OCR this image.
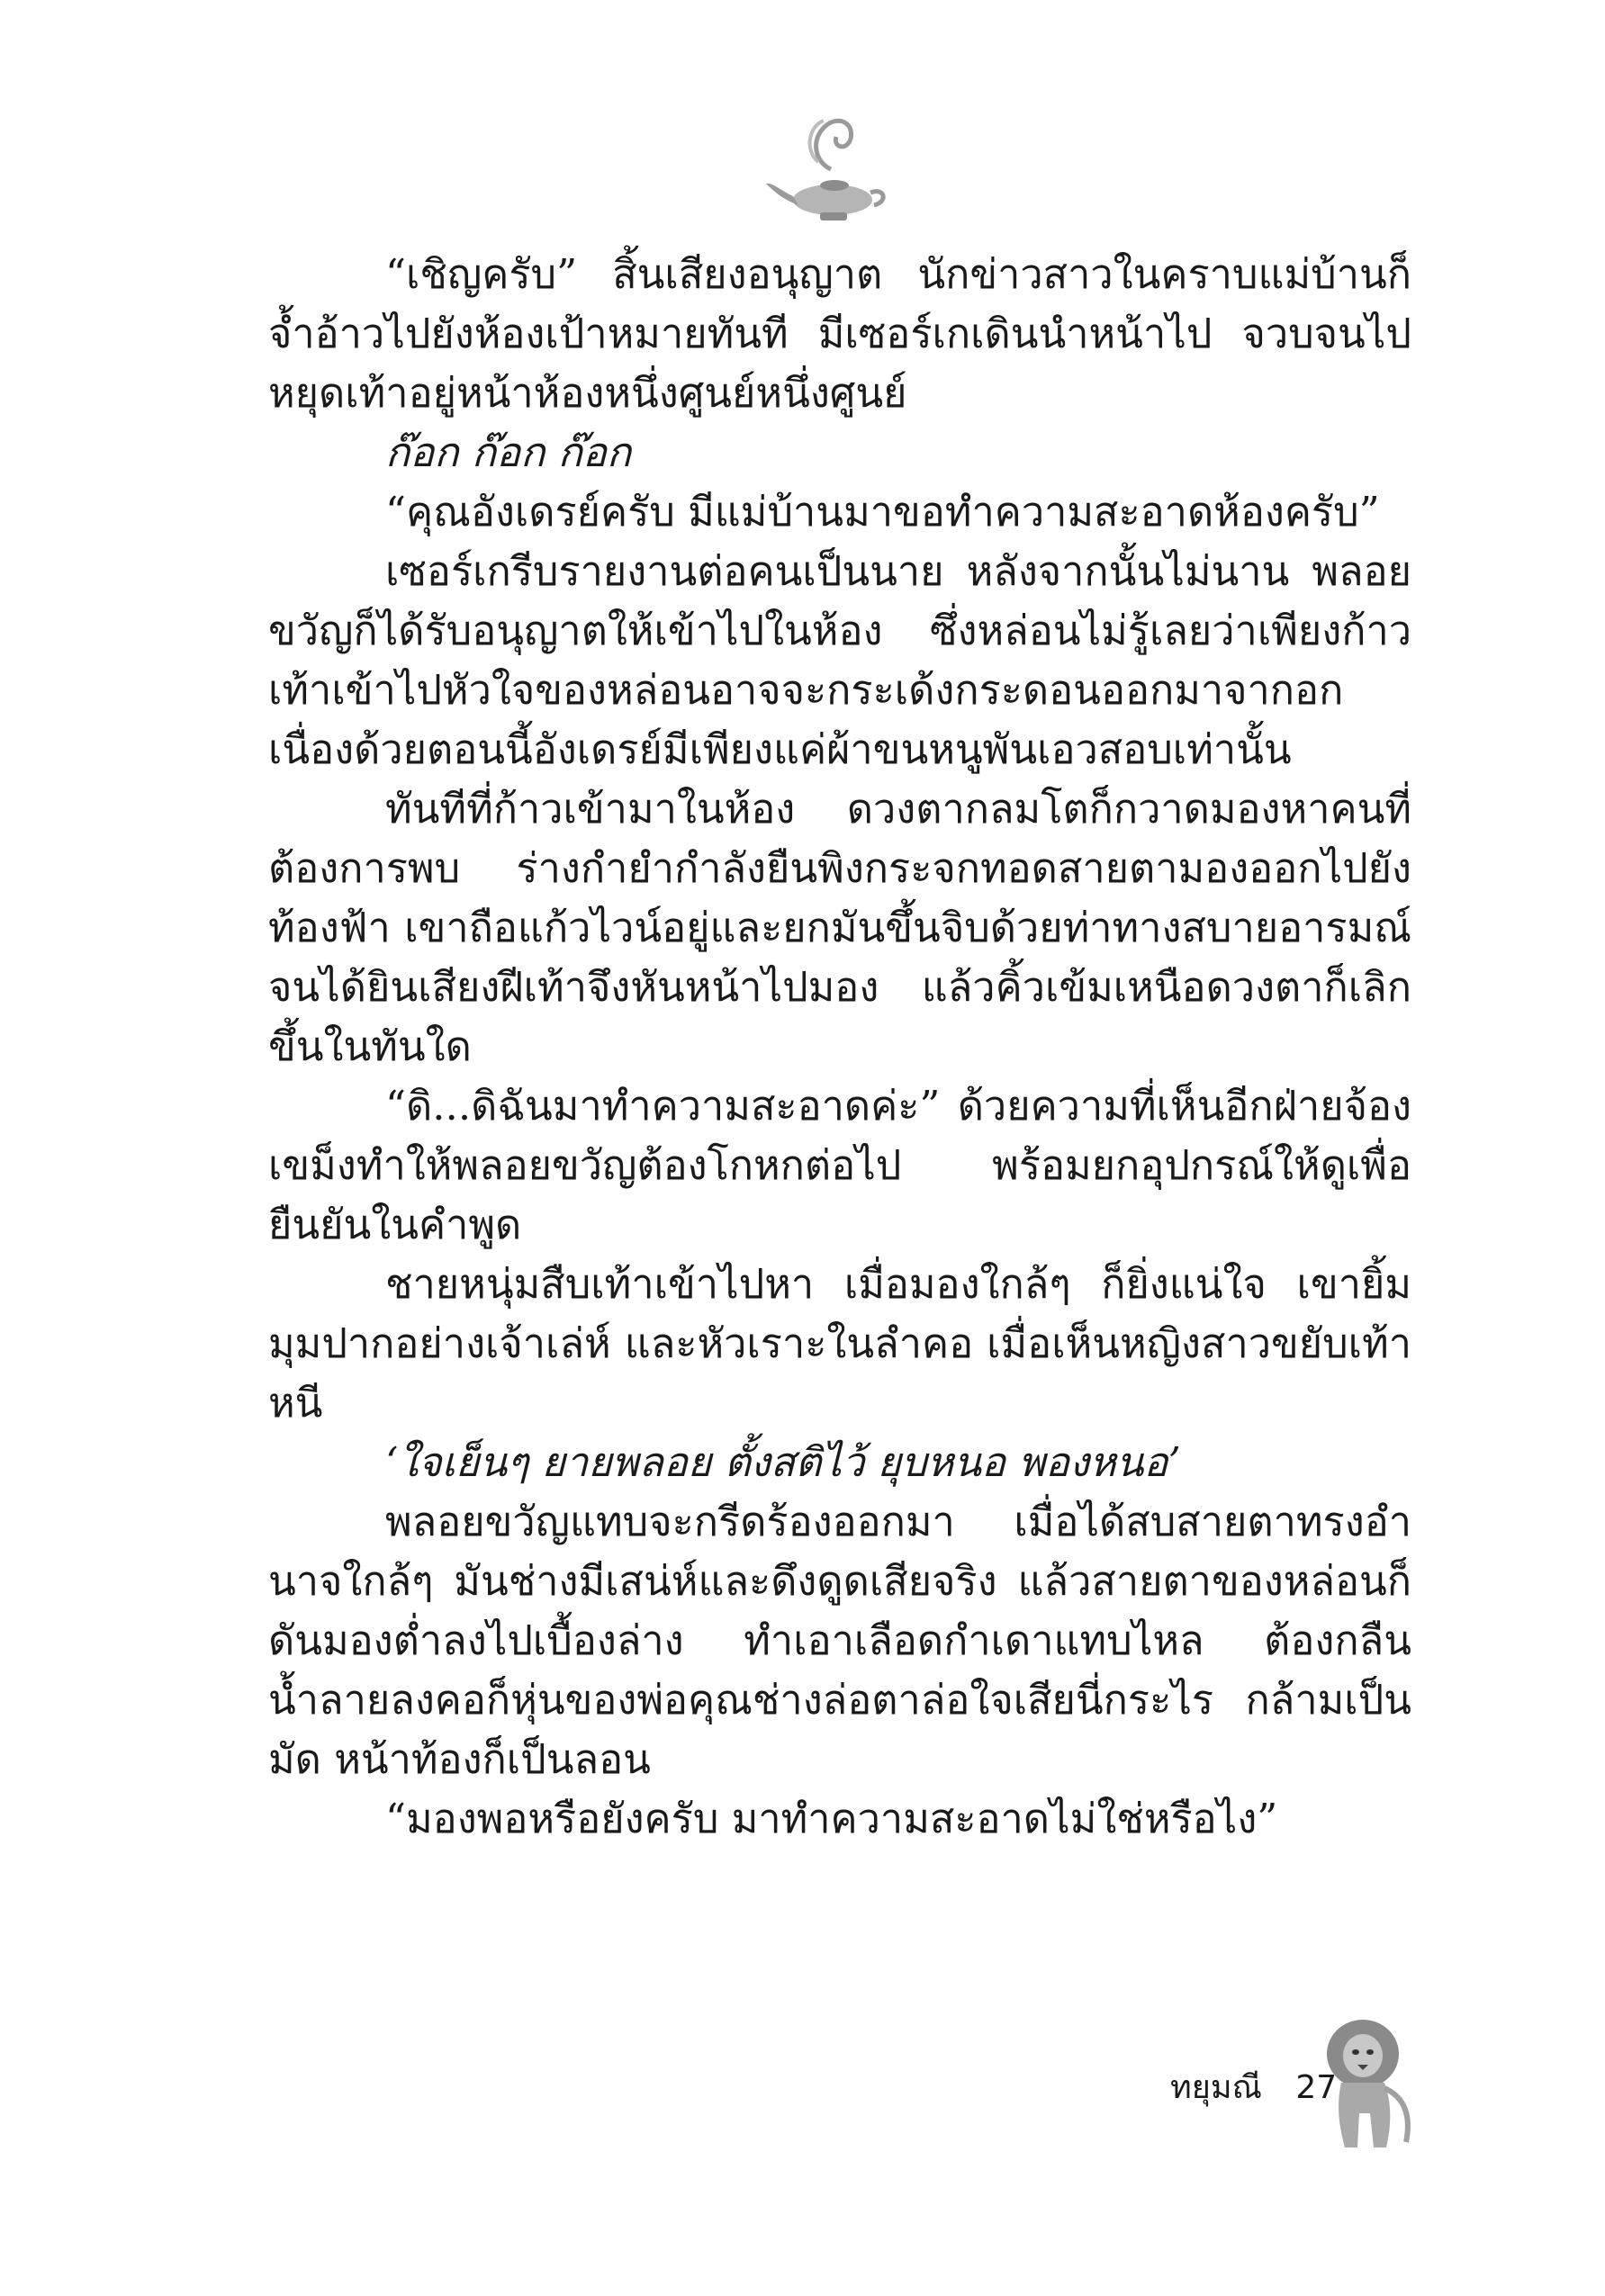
“เชิญครับ” สิ้นเสียงอนุญาต นักข่าวสาวในคราบแม่บ้านก็จ้ำอ้าวไปยังห้องเป้าหมายทันที มีเซอร์เกเดินนำหน้าไป จวบจนไปหยุดเท้าอยู่หน้าห้องหนึ่งศูนย์หนึ่งศูนย์

ก๊อก ก๊อก ก๊อก

“คุณอังเดรย์ครับ มีแม่บ้านมาขอทำความสะอาดห้องครับ”

เซอร์เกรีบรายงานต่อคนเป็นนาย หลังจากนั้นไม่นาน พลอยขวัญก็ได้รับอนุญาตให้เข้าไปในห้อง ซึ่งหล่อนไม่รู้เลยว่าเพียงก้าวเท้าเข้าไปหัวใจของหล่อนอาจจะกระเด้งกระดอนออกมาจากอก เนื่องด้วยตอนนี้อังเดรย์มีเพียงแค่ผ้าขนหนูพันเอวสอบเท่านั้น

ทันทีที่ก้าวเข้ามาในห้อง ดวงตากลมโตก็กวาดมองหาคนที่ต้องการพบ ร่างกำยำกำลังยืนพิงกระจกทอดสายตามองออกไปยังท้องฟ้า เขาถือแก้วไวน์อยู่และยกมันขึ้นจิบด้วยท่าทางสบายอารมณ์จนได้ยินเสียงฝีเท้าจึงหันหน้าไปมอง แล้วคิ้วเข้มเหนือดวงตาก็เลิกขึ้นในทันใด

“ดิ...ดิฉันมาทำความสะอาดค่ะ” ด้วยความที่เห็นอีกฝ่ายจ้องเขม็งทำให้พลอยขวัญต้องโกหกต่อไป พร้อมยกอุปกรณ์ให้ดูเพื่อยืนยันในคำพูด

ชายหนุ่มสืบเท้าเข้าไปหา เมื่อมองใกล้ๆ ก็ยิ่งแน่ใจ เขายิ้มมุมปากอย่างเจ้าเล่ห์ และหัวเราะในลำคอ เมื่อเห็นหญิงสาวขยับเท้าหนี

‘ใจเย็นๆ ยายพลอย ตั้งสติไว้ ยุบหนอ พองหนอ’

พลอยขวัญแทบจะกรีดร้องออกมา เมื่อได้สบสายตาทรงอำนาจใกล้ๆ มันช่างมีเสน่ห์และดึงดูดเสียจริง แล้วสายตาของหล่อนก็ดันมองต่ำลงไปเบื้องล่าง ทำเอาเลือดกำเดาแทบไหล ต้องกลืนน้ำลายลงคอก็หุ่นของพ่อคุณช่างล่อตาล่อใจเสียนี่กระไร กล้ามเป็นมัด หน้าท้องก็เป็นลอน

“มองพอหรือยังครับ มาทำความสะอาดไม่ใช่หรือไง”

ทยุมณี 27
